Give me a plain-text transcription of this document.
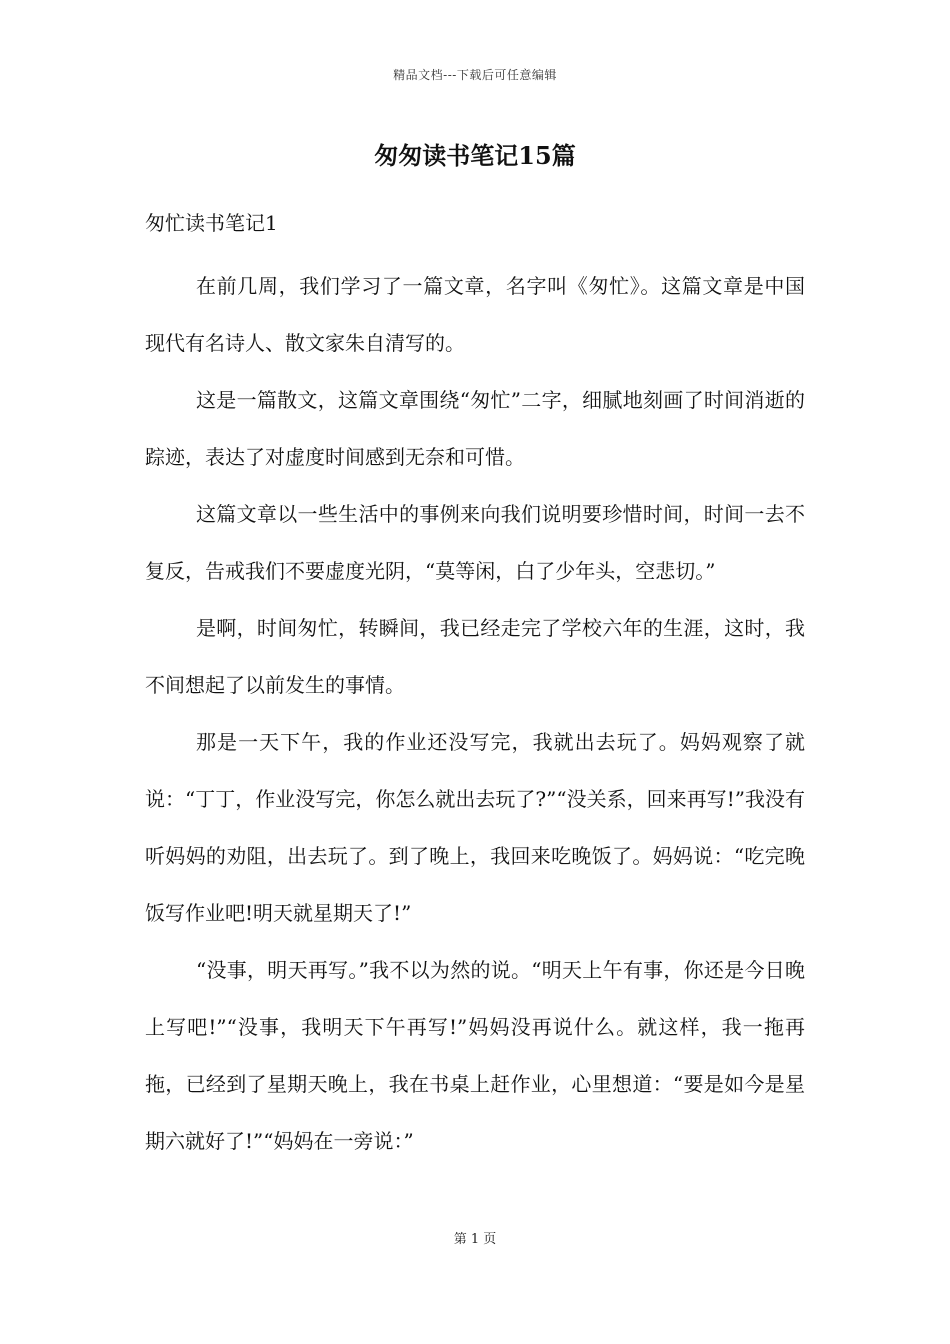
精品文档---下载后可任意编辑
匆匆读书笔记15篇

匆忙读书笔记1

在前几周，我们学习了一篇文章，名字叫《匆忙》。这篇文章是中国现代有名诗人、散文家朱自清写的。

这是一篇散文，这篇文章围绕“匆忙”二字，细腻地刻画了时间消逝的踪迹，表达了对虚度时间感到无奈和可惜。

这篇文章以一些生活中的事例来向我们说明要珍惜时间，时间一去不复反，告戒我们不要虚度光阴，“莫等闲，白了少年头，空悲切。”

是啊，时间匆忙，转瞬间，我已经走完了学校六年的生涯，这时，我不间想起了以前发生的事情。

那是一天下午，我的作业还没写完，我就出去玩了。妈妈观察了就说：“丁丁，作业没写完，你怎么就出去玩了?”“没关系，回来再写!”我没有听妈妈的劝阻，出去玩了。到了晚上，我回来吃晚饭了。妈妈说：“吃完晚饭写作业吧!明天就星期天了!”

“没事，明天再写。”我不以为然的说。“明天上午有事，你还是今日晚上写吧!”“没事，我明天下午再写!”妈妈没再说什么。就这样，我一拖再拖，已经到了星期天晚上，我在书桌上赶作业，心里想道：“要是如今是星期六就好了!”“妈妈在一旁说：”

第 1 页
